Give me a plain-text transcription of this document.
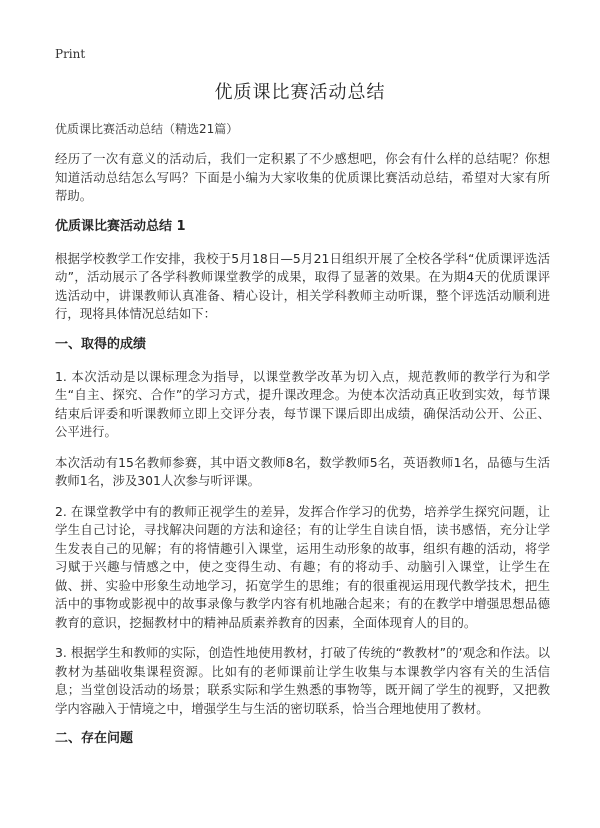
Print
优质课比赛活动总结
优质课比赛活动总结（精选21篇）

经历了一次有意义的活动后，我们一定积累了不少感想吧，你会有什么样的总结呢？你想知道活动总结怎么写吗？下面是小编为大家收集的优质课比赛活动总结，希望对大家有所帮助。

优质课比赛活动总结 1

根据学校教学工作安排，我校于5月18日—5月21日组织开展了全校各学科“优质课评选活动”，活动展示了各学科教师课堂教学的成果，取得了显著的效果。在为期4天的优质课评选活动中，讲课教师认真准备、精心设计，相关学科教师主动听课，整个评选活动顺利进行，现将具体情况总结如下：

一、取得的成绩

1. 本次活动是以课标理念为指导，以课堂教学改革为切入点，规范教师的教学行为和学生“自主、探究、合作”的学习方式，提升课改理念。为使本次活动真正收到实效，每节课结束后评委和听课教师立即上交评分表，每节课下课后即出成绩，确保活动公开、公正、公平进行。

本次活动有15名教师参赛，其中语文教师8名，数学教师5名，英语教师1名，品德与生活教师1名，涉及301人次参与听评课。

2. 在课堂教学中有的教师正视学生的差异，发挥合作学习的优势，培养学生探究问题，让学生自己讨论，寻找解决问题的方法和途径；有的让学生自读自悟，读书感悟，充分让学生发表自己的见解；有的将情趣引入课堂，运用生动形象的故事，组织有趣的活动，将学习赋于兴趣与情感之中，使之变得生动、有趣；有的将动手、动脑引入课堂，让学生在做、拼、实验中形象生动地学习，拓宽学生的思维；有的很重视运用现代教学技术，把生活中的事物或影视中的故事录像与教学内容有机地融合起来；有的在教学中增强思想品德教育的意识，挖掘教材中的精神品质素养教育的因素，全面体现育人的目的。

3. 根据学生和教师的实际，创造性地使用教材，打破了传统的“教教材”的’观念和作法。以教材为基础收集课程资源。比如有的老师课前让学生收集与本课教学内容有关的生活信息；当堂创设活动的场景；联系实际和学生熟悉的事物等，既开阔了学生的视野，又把教学内容融入于情境之中，增强学生与生活的密切联系，恰当合理地使用了教材。

二、存在问题
